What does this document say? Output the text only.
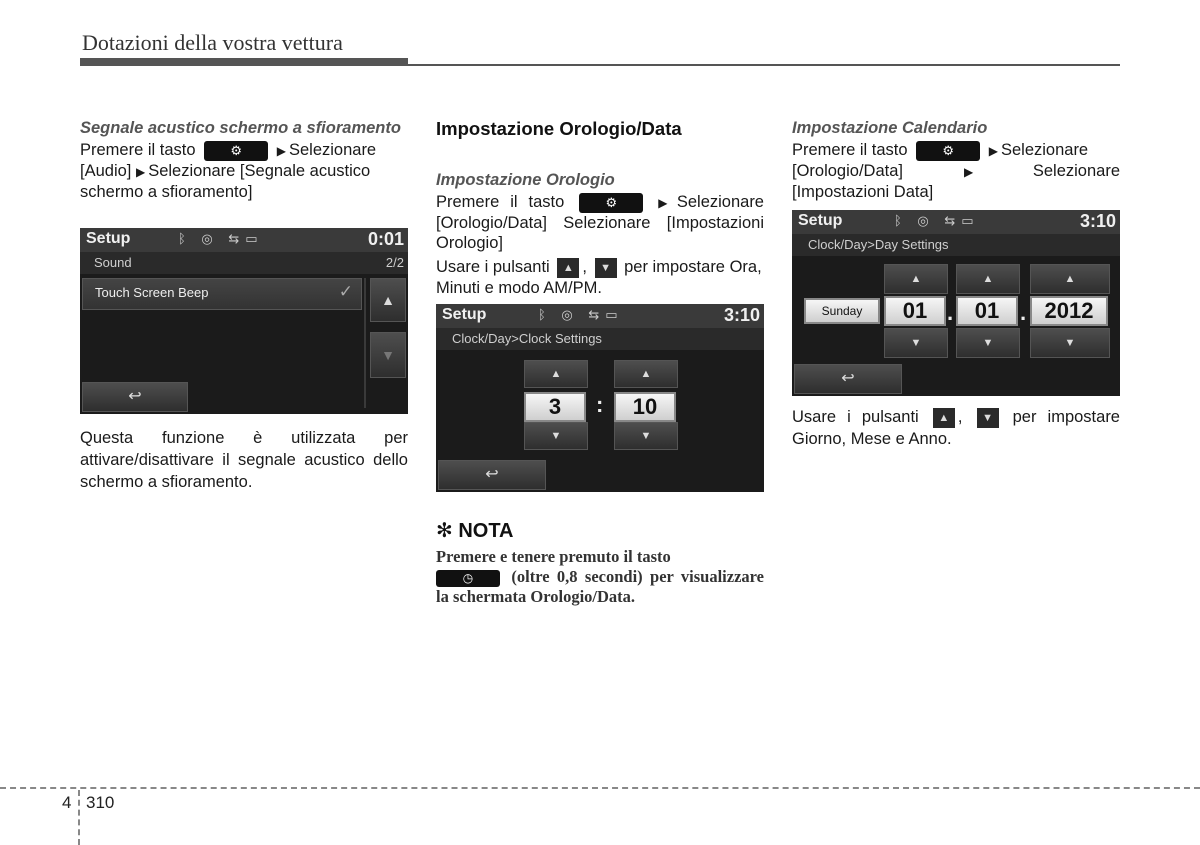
Dotazioni della vostra vettura

Segnale acustico schermo a sfioramento

Premere il tasto	⚙	▶ Selezionare
[Audio] ▶ Selezionare [Segnale acustico schermo a sfioramento]

Setup	ᛒ ◎ ⇆▭	0:01
Sound	2/2
Touch Screen Beep	✓	▲
▼
↩

Questa funzione è utilizzata per attivare/disattivare il segnale acustico dello schermo a sfioramento.

Impostazione Orologio/Data

Impostazione Orologio

Premere il tasto	⚙	▶ Selezionare [Orologio/Data] Selezionare [Impostazioni Orologio]

Usare i pulsanti ▲ , ▼ per impostare Ora, Minuti e modo AM/PM.

Setup	ᛒ ◎ ⇆▭	3:10
Clock/Day>Clock Settings
▲	▲
3	:	10
▼	▼
↩

✻ NOTA

Premere e tenere premuto il tasto
◷ (oltre 0,8 secondi) per visualizzare la schermata Orologio/Data.

Impostazione Calendario

Premere il tasto	⚙	▶ Selezionare
[Orologio/Data]	▶	Selezionare

[Impostazioni Data]

Setup	ᛒ ◎ ⇆▭	3:10
Clock/Day>Day Settings
▲	▲	▲
Sunday	01 . 01 . 2012
▼	▼	▼
↩

Usare i pulsanti ▲ , ▼ per impostare Giorno, Mese e Anno.

4 310
